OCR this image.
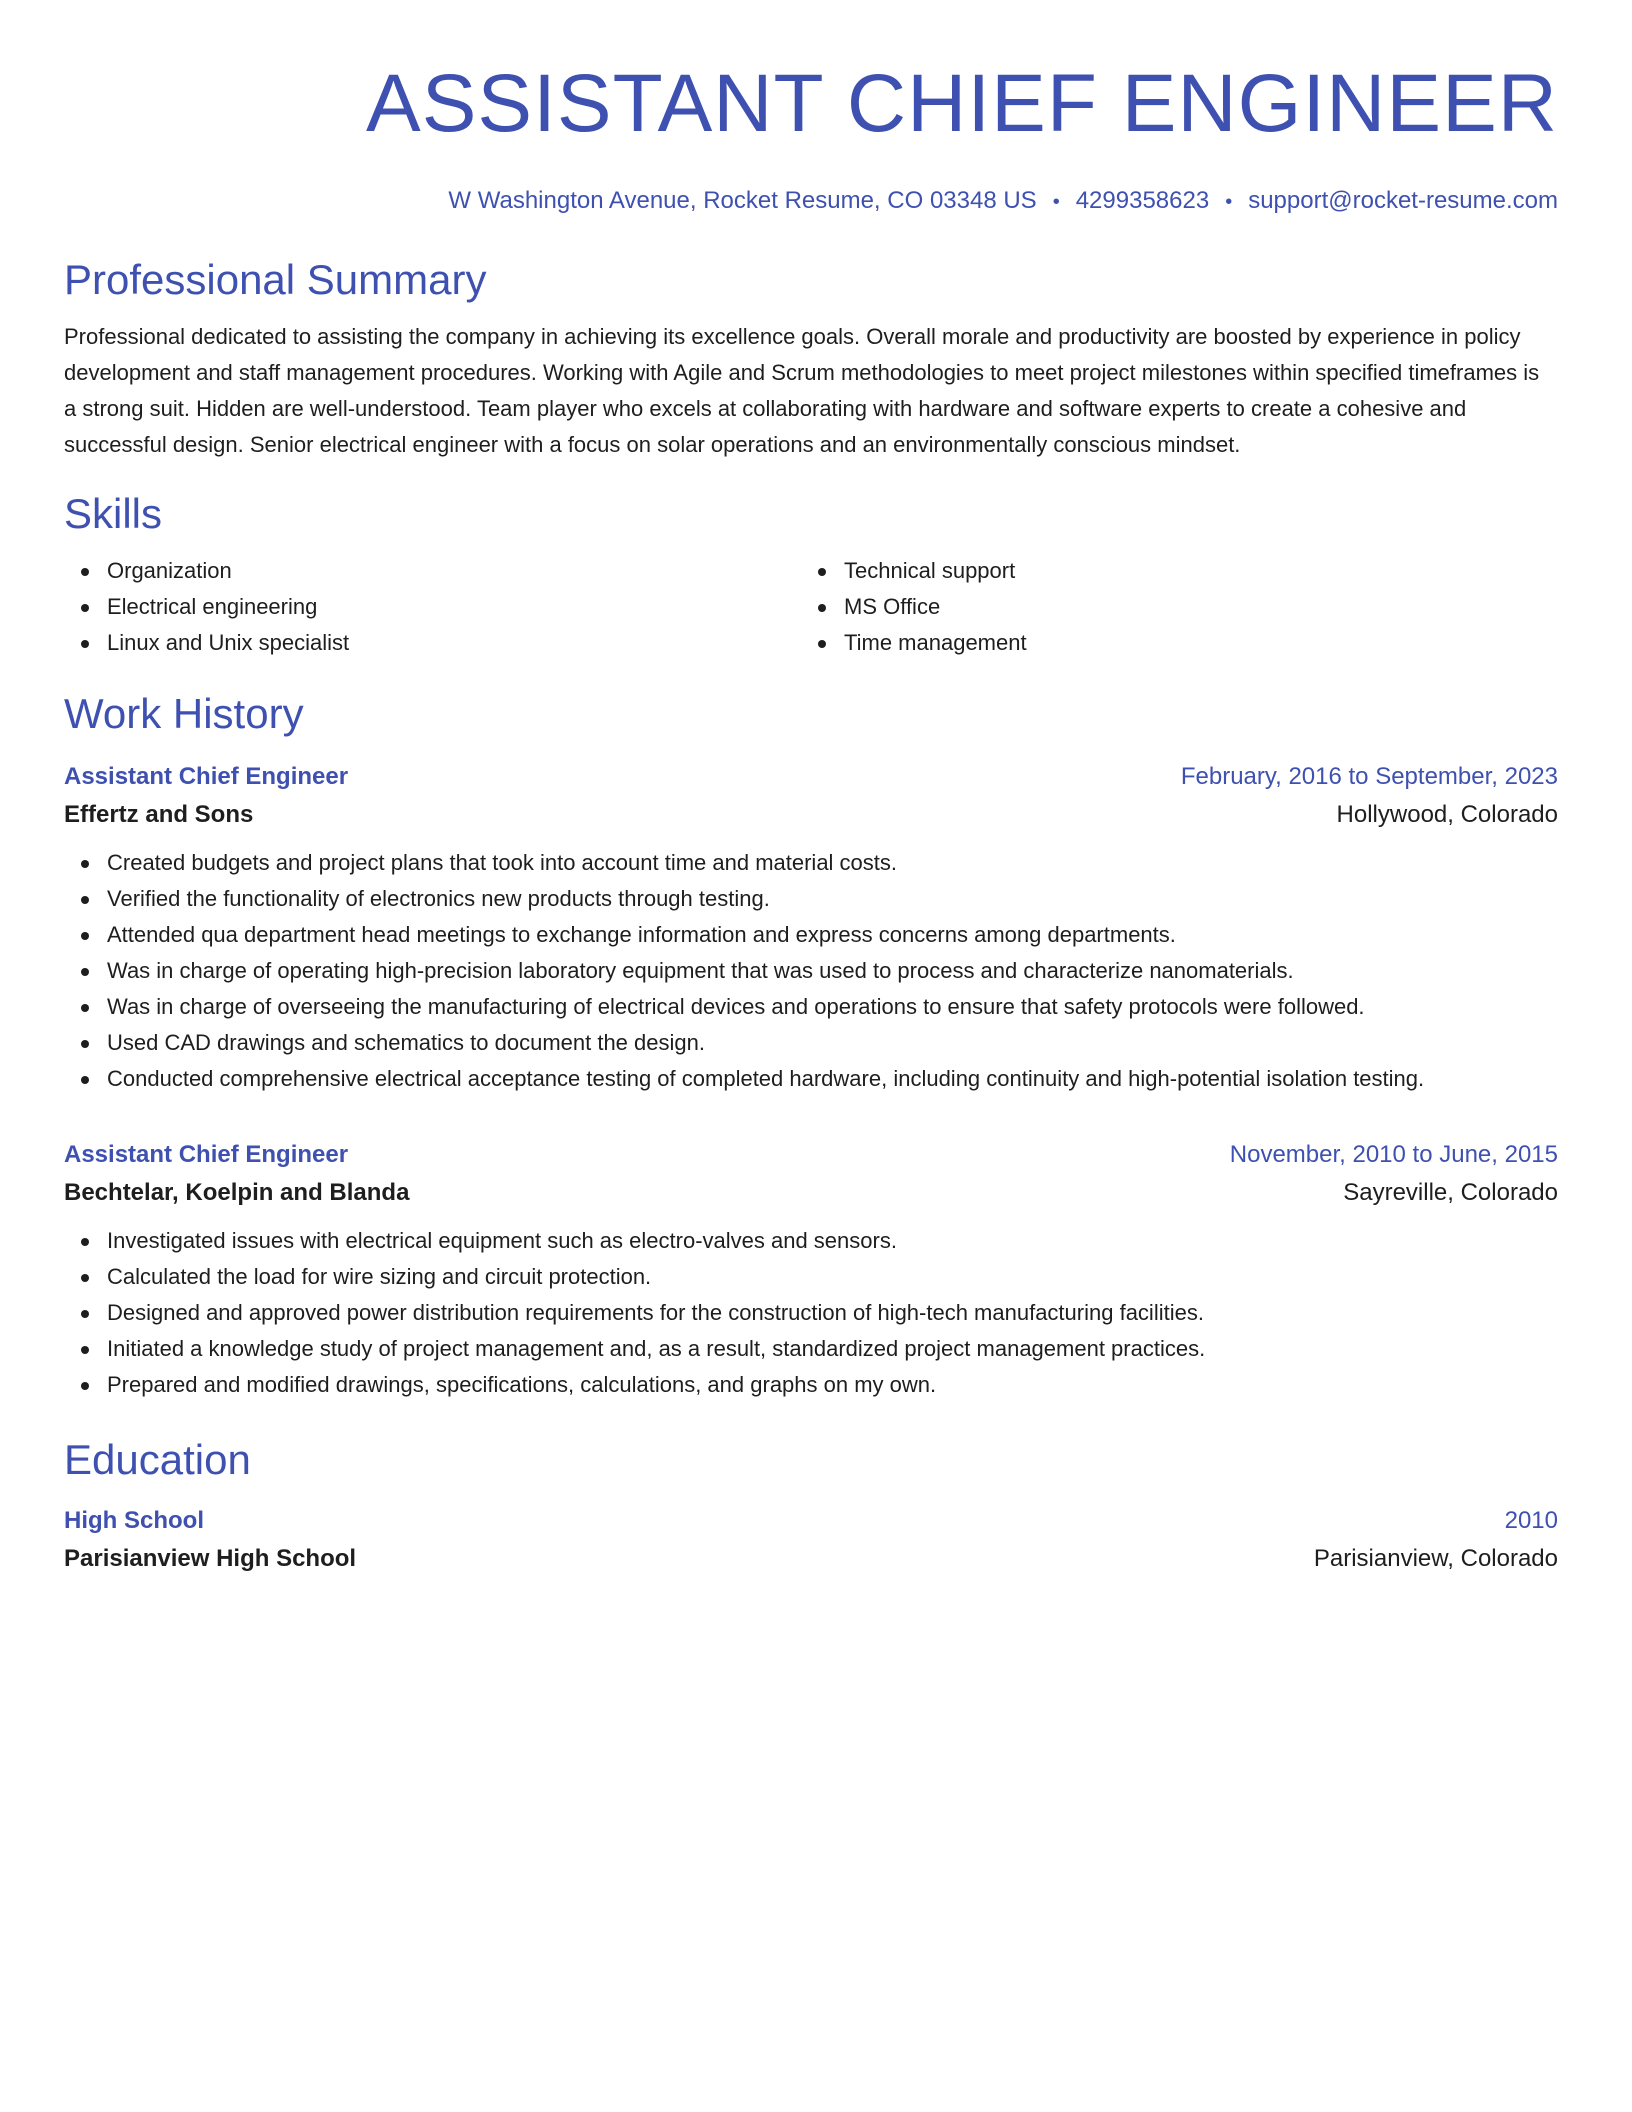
ASSISTANT CHIEF ENGINEER
W Washington Avenue, Rocket Resume, CO 03348 US • 4299358623 • support@rocket-resume.com
Professional Summary
Professional dedicated to assisting the company in achieving its excellence goals. Overall morale and productivity are boosted by experience in policy development and staff management procedures. Working with Agile and Scrum methodologies to meet project milestones within specified timeframes is a strong suit. Hidden are well-understood. Team player who excels at collaborating with hardware and software experts to create a cohesive and successful design. Senior electrical engineer with a focus on solar operations and an environmentally conscious mindset.
Skills
Organization
Electrical engineering
Linux and Unix specialist
Technical support
MS Office
Time management
Work History
Assistant Chief Engineer	February, 2016 to September, 2023
Effertz and Sons	Hollywood, Colorado
Created budgets and project plans that took into account time and material costs.
Verified the functionality of electronics new products through testing.
Attended qua department head meetings to exchange information and express concerns among departments.
Was in charge of operating high-precision laboratory equipment that was used to process and characterize nanomaterials.
Was in charge of overseeing the manufacturing of electrical devices and operations to ensure that safety protocols were followed.
Used CAD drawings and schematics to document the design.
Conducted comprehensive electrical acceptance testing of completed hardware, including continuity and high-potential isolation testing.
Assistant Chief Engineer	November, 2010 to June, 2015
Bechtelar, Koelpin and Blanda	Sayreville, Colorado
Investigated issues with electrical equipment such as electro-valves and sensors.
Calculated the load for wire sizing and circuit protection.
Designed and approved power distribution requirements for the construction of high-tech manufacturing facilities.
Initiated a knowledge study of project management and, as a result, standardized project management practices.
Prepared and modified drawings, specifications, calculations, and graphs on my own.
Education
High School	2010
Parisianview High School	Parisianview, Colorado
